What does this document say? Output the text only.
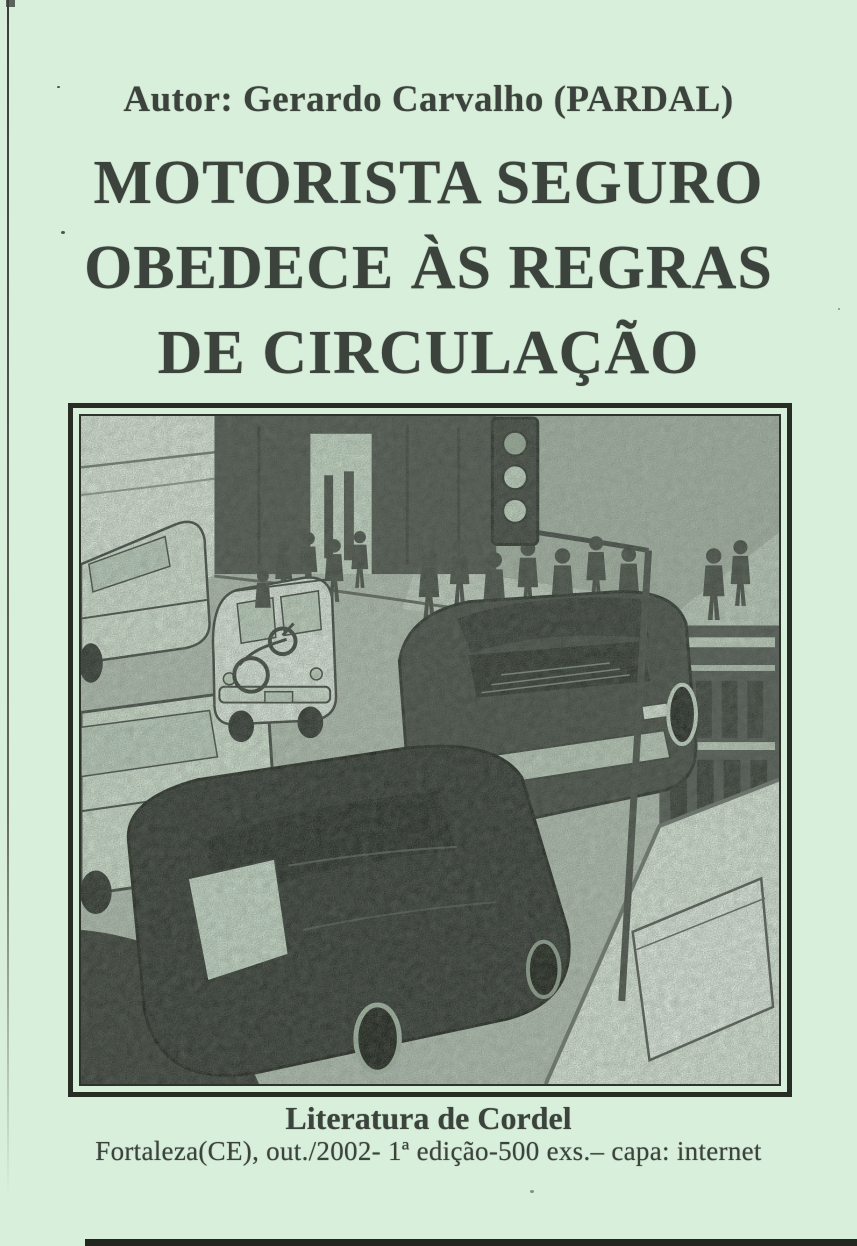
Autor: Gerardo Carvalho (PARDAL)
MOTORISTA SEGURO
OBEDECE ÀS REGRAS
DE CIRCULAÇÃO
Literatura de Cordel
Fortaleza(CE), out./2002- 1ª edição-500 exs.– capa: internet
